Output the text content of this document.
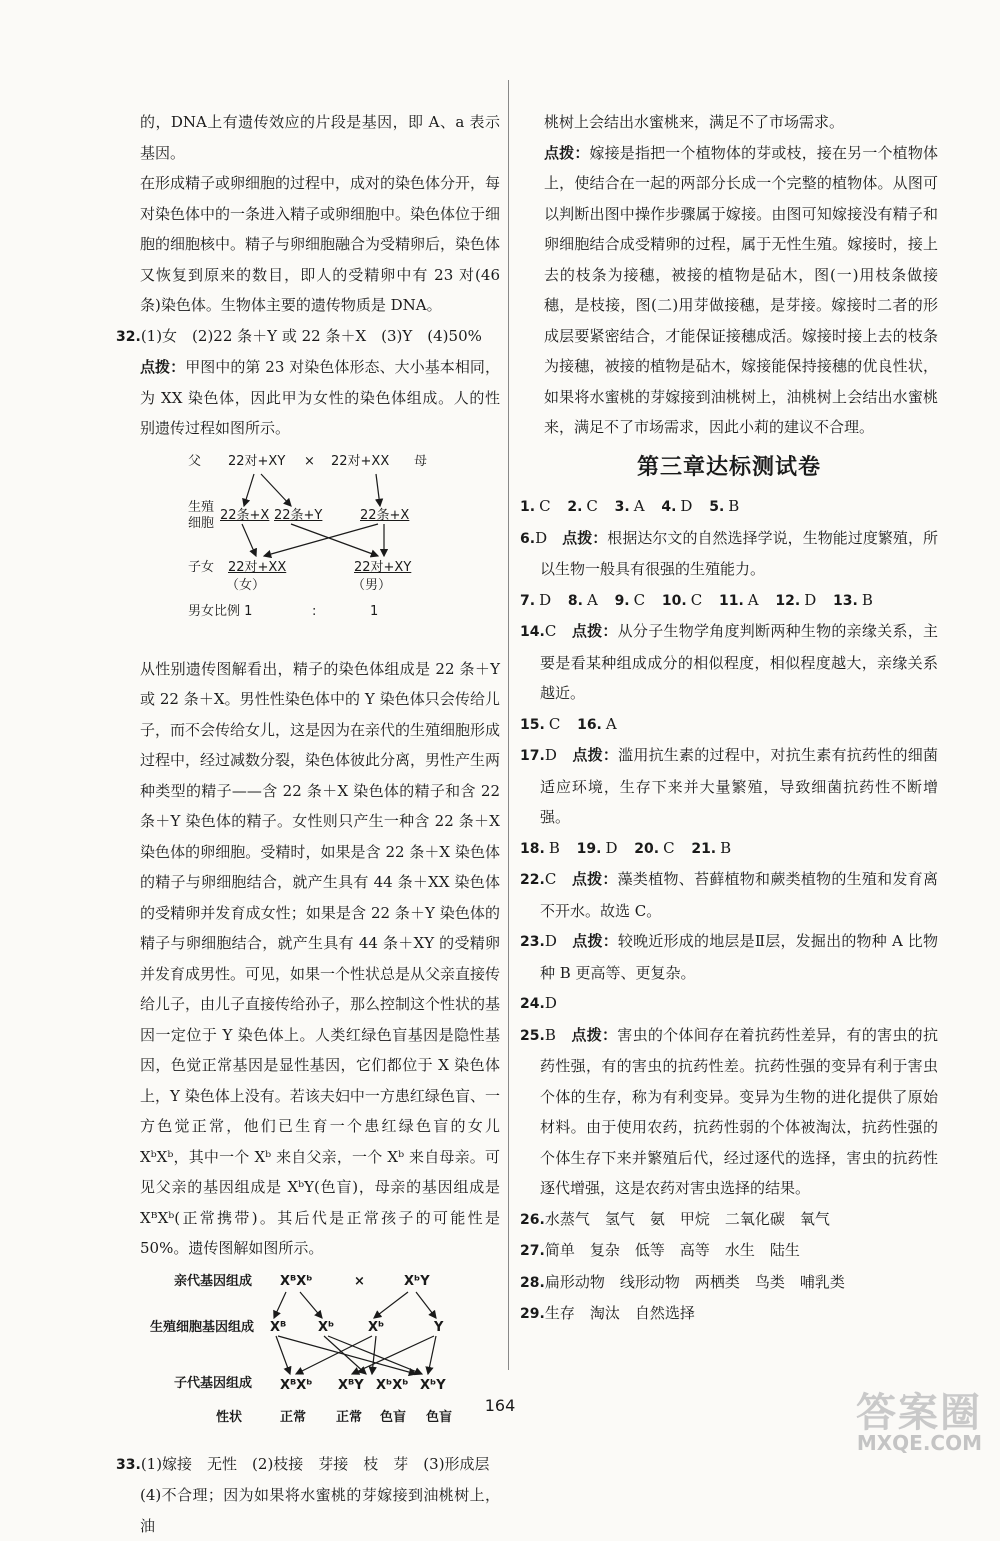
的，DNA上有遗传效应的片段是基因，即 A、a 表示基因。

在形成精子或卵细胞的过程中，成对的染色体分开，每对染色体中的一条进入精子或卵细胞中。染色体位于细胞的细胞核中。精子与卵细胞融合为受精卵后，染色体又恢复到原来的数目，即人的受精卵中有 23 对(46 条)染色体。生物体主要的遗传物质是 DNA。

32.(1)女　(2)22 条＋Y 或 22 条＋X　(3)Y　(4)50%

点拨：甲图中的第 23 对染色体形态、大小基本相同，为 XX 染色体，因此甲为女性的染色体组成。人的性别遗传过程如图所示。

父 22对+XY × 22对+XX 母
生殖
细胞
22条+X 22条+Y	22条+X
子女 22对+XX	22对+XY
（女）	（男）
男女比例 1	:	1

从性别遗传图解看出，精子的染色体组成是 22 条＋Y 或 22 条＋X。男性性染色体中的 Y 染色体只会传给儿子，而不会传给女儿，这是因为在亲代的生殖细胞形成过程中，经过减数分裂，染色体彼此分离，男性产生两种类型的精子——含 22 条＋X 染色体的精子和含 22 条＋Y 染色体的精子。女性则只产生一种含 22 条＋X 染色体的卵细胞。受精时，如果是含 22 条＋X 染色体的精子与卵细胞结合，就产生具有 44 条＋XX 染色体的受精卵并发育成女性；如果是含 22 条＋Y 染色体的精子与卵细胞结合，就产生具有 44 条＋XY 的受精卵并发育成男性。可见，如果一个性状总是从父亲直接传给儿子，由儿子直接传给孙子，那么控制这个性状的基因一定位于 Y 染色体上。人类红绿色盲基因是隐性基因，色觉正常基因是显性基因，它们都位于 X 染色体上，Y 染色体上没有。若该夫妇中一方患红绿色盲、一方色觉正常，他们已生育一个患红绿色盲的女儿 XᵇXᵇ，其中一个 Xᵇ 来自父亲，一个 Xᵇ 来自母亲。可见父亲的基因组成是 XᵇY(色盲)，母亲的基因组成是 XᴮXᵇ(正常携带)。其后代是正常孩子的可能性是 50%。遗传图解如图所示。

亲代基因组成 XᴮXᵇ	×	XᵇY
生殖细胞基因组成 Xᴮ Xᵇ	Xᵇ	Y
子代基因组成 XᴮXᵇ XᴮY XᵇXᵇ XᵇY
性状	正常 正常 色盲 色盲

33.(1)嫁接　无性　(2)枝接　芽接　枝　芽　(3)形成层

(4)不合理；因为如果将水蜜桃的芽嫁接到油桃树上，油

桃树上会结出水蜜桃来，满足不了市场需求。

点拨：嫁接是指把一个植物体的芽或枝，接在另一个植物体上，使结合在一起的两部分长成一个完整的植物体。从图可以判断出图中操作步骤属于嫁接。由图可知嫁接没有精子和卵细胞结合成受精卵的过程，属于无性生殖。嫁接时，接上去的枝条为接穗，被接的植物是砧木，图(一)用枝条做接穗，是枝接，图(二)用芽做接穗，是芽接。嫁接时二者的形成层要紧密结合，才能保证接穗成活。嫁接时接上去的枝条为接穗，被接的植物是砧木，嫁接能保持接穗的优良性状，如果将水蜜桃的芽嫁接到油桃树上，油桃树上会结出水蜜桃来，满足不了市场需求，因此小莉的建议不合理。

第三章达标测试卷

1. C 2. C 3. A 4. D 5. B

6.D　 点拨：根据达尔文的自然选择学说，生物能过度繁殖，所以生物一般具有很强的生殖能力。

7. D 8. A 9. C 10. C 11. A 12. D 13. B

14.C　 点拨：从分子生物学角度判断两种生物的亲缘关系，主要是看某种组成成分的相似程度，相似程度越大，亲缘关系越近。

15. C 16. A

17.D　 点拨：滥用抗生素的过程中，对抗生素有抗药性的细菌适应环境，生存下来并大量繁殖，导致细菌抗药性不断增强。

18. B 19. D 20. C 21. B

22.C　 点拨：藻类植物、苔藓植物和蕨类植物的生殖和发育离不开水。故选 C。

23.D　 点拨：较晚近形成的地层是Ⅱ层，发掘出的物种 A 比物种 B 更高等、更复杂。

24.D

25.B　 点拨：害虫的个体间存在着抗药性差异，有的害虫的抗药性强，有的害虫的抗药性差。抗药性强的变异有利于害虫个体的生存，称为有利变异。变异为生物的进化提供了原始材料。由于使用农药，抗药性弱的个体被淘汰，抗药性强的个体生存下来并繁殖后代，经过逐代的选择，害虫的抗药性逐代增强，这是农药对害虫选择的结果。

26.水蒸气　氢气　氨　甲烷　二氧化碳　氧气

27.简单　复杂　低等　高等　水生　陆生

28.扁形动物　线形动物　两栖类　鸟类　哺乳类

29.生存　淘汰　自然选择

164	答案圈
MXQE.COM
